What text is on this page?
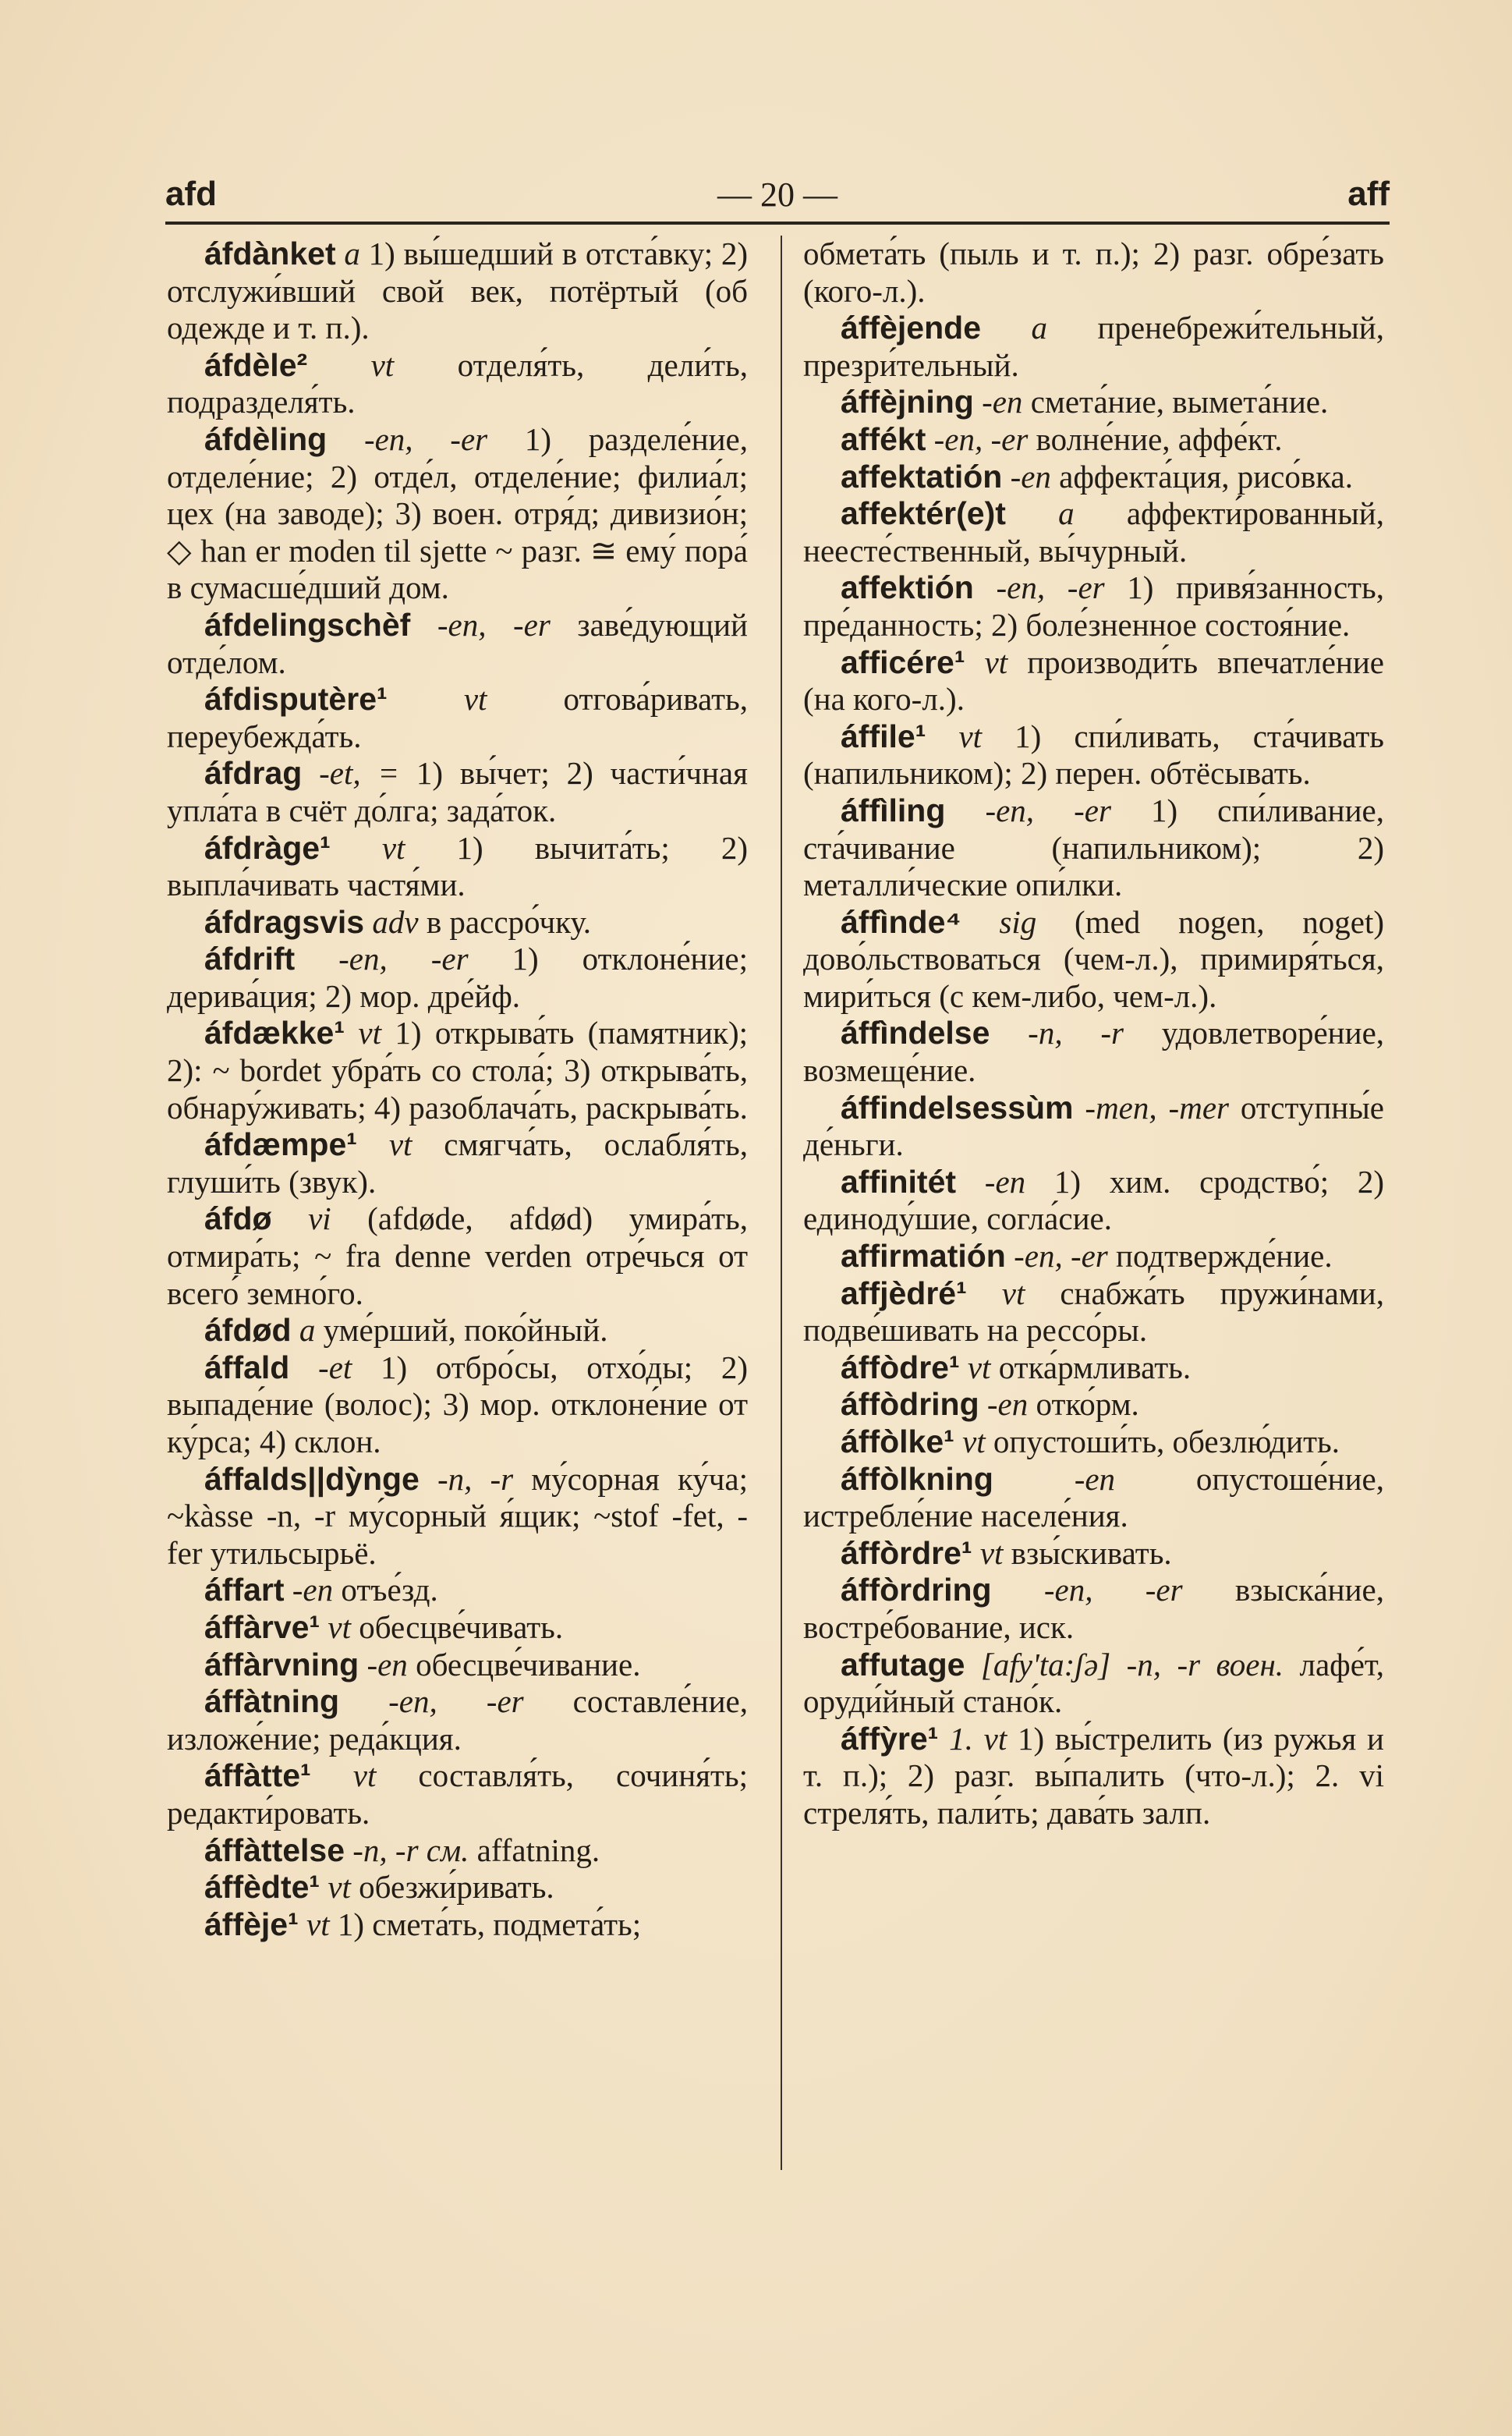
afd	— 20 —	aff

áfdànket a 1) вы́шедший в отста́вку; 2) отслужи́вший свой век, потёртый (об одежде и т. п.).

áfdèle² vt отделя́ть, дели́ть, подразделя́ть.

áfdèling -en, -er 1) разделе́ние, отделе́ние; 2) отде́л, отделе́ние; филиа́л; цех (на заводе); 3) воен. отря́д; дивизио́н; ◇ han er moden til sjette ~ разг. ≅ ему́ пора́ в сумасше́дший дом.

áfdelingschèf -en, -er заве́дующий отде́лом.

áfdisputère¹ vt отгова́ривать, переубежда́ть.

áfdrag -et, = 1) вы́чет; 2) части́чная упла́та в счёт до́лга; зада́ток.

áfdràge¹ vt 1) вычита́ть; 2) выпла́чивать частя́ми.

áfdragsvis adv в рассро́чку.

áfdrift -en, -er 1) отклоне́ние; дерива́ция; 2) мор. дре́йф.

áfdække¹ vt 1) открыва́ть (памятник); 2): ~ bordet убра́ть со стола́; 3) открыва́ть, обнару́живать; 4) разоблача́ть, раскрыва́ть.

áfdæmpe¹ vt смягча́ть, ослабля́ть, глуши́ть (звук).

áfdø vi (afdøde, afdød) умира́ть, отмира́ть; ~ fra denne verden отре́чься от всего́ земно́го.

áfdød a уме́рший, поко́йный.

áffald -et 1) отбро́сы, отхо́ды; 2) выпаде́ние (волос); 3) мор. отклоне́ние от ку́рса; 4) склон.

áffalds||dỳnge -n, -r му́сорная ку́ча; ~kàsse -n, -r му́сорный я́щик; ~stof -fet, -fer утильсырьё.

áffart -en отъе́зд.

áffàrve¹ vt обесцве́чивать.

áffàrvning -en обесцве́чивание.

áffàtning -en, -er составле́ние, изложе́ние; реда́кция.

áffàtte¹ vt составля́ть, сочиня́ть; редакти́ровать.

áffàttelse -n, -r см. affatning.

áffèdte¹ vt обезжи́ривать.

áffèje¹ vt 1) смета́ть, подмета́ть;

обмета́ть (пыль и т. п.); 2) разг. обре́зать (кого-л.).

áffèjende a пренебрежи́тельный, презри́тельный.

áffèjning -en смета́ние, вымета́ние.

affékt -en, -er волне́ние, аффе́кт.

affektatión -en аффекта́ция, рисо́вка.

affektér(e)t a аффекти́рованный, неесте́ственный, вы́чурный.

affektión -en, -er 1) привя́занность, пре́данность; 2) боле́зненное состоя́ние.

afficére¹ vt производи́ть впечатле́ние (на кого-л.).

áffile¹ vt 1) спи́ливать, ста́чивать (напильником); 2) перен. обтёсывать.

áffìling -en, -er 1) спи́ливание, ста́чивание (напильником); 2) металли́ческие опи́лки.

áffìnde⁴ sig (med nogen, noget) дово́льствоваться (чем-л.), примиря́ться, мири́ться (с кем-либо, чем-л.).

áffìndelse -n, -r удовлетворе́ние, возмеще́ние.

áffindelsessùm -men, -mer отступны́е де́ньги.

affinitét -en 1) хим. сродство́; 2) единоду́шие, согла́сие.

affirmatión -en, -er подтвержде́ние.

affjèdré¹ vt снабжа́ть пружи́нами, подве́шивать на рессо́ры.

áffòdre¹ vt отка́рмливать.

áffòdring -en отко́рм.

áffòlke¹ vt опустоши́ть, обезлю́дить.

áffòlkning	-en опустоше́ние, истребле́ние населе́ния.

áffòrdre¹ vt взы́скивать.

áffòrdring -en, -er взыска́ние, востре́бование, иск.

affutage [afy'ta:ʃə] -n, -r воен. лафе́т, оруди́йный стано́к.

áffỳre¹ 1. vt 1) вы́стрелить (из ружья и т. п.); 2) разг. вы́палить (что-л.); 2. vi стреля́ть, пали́ть; дава́ть залп.
